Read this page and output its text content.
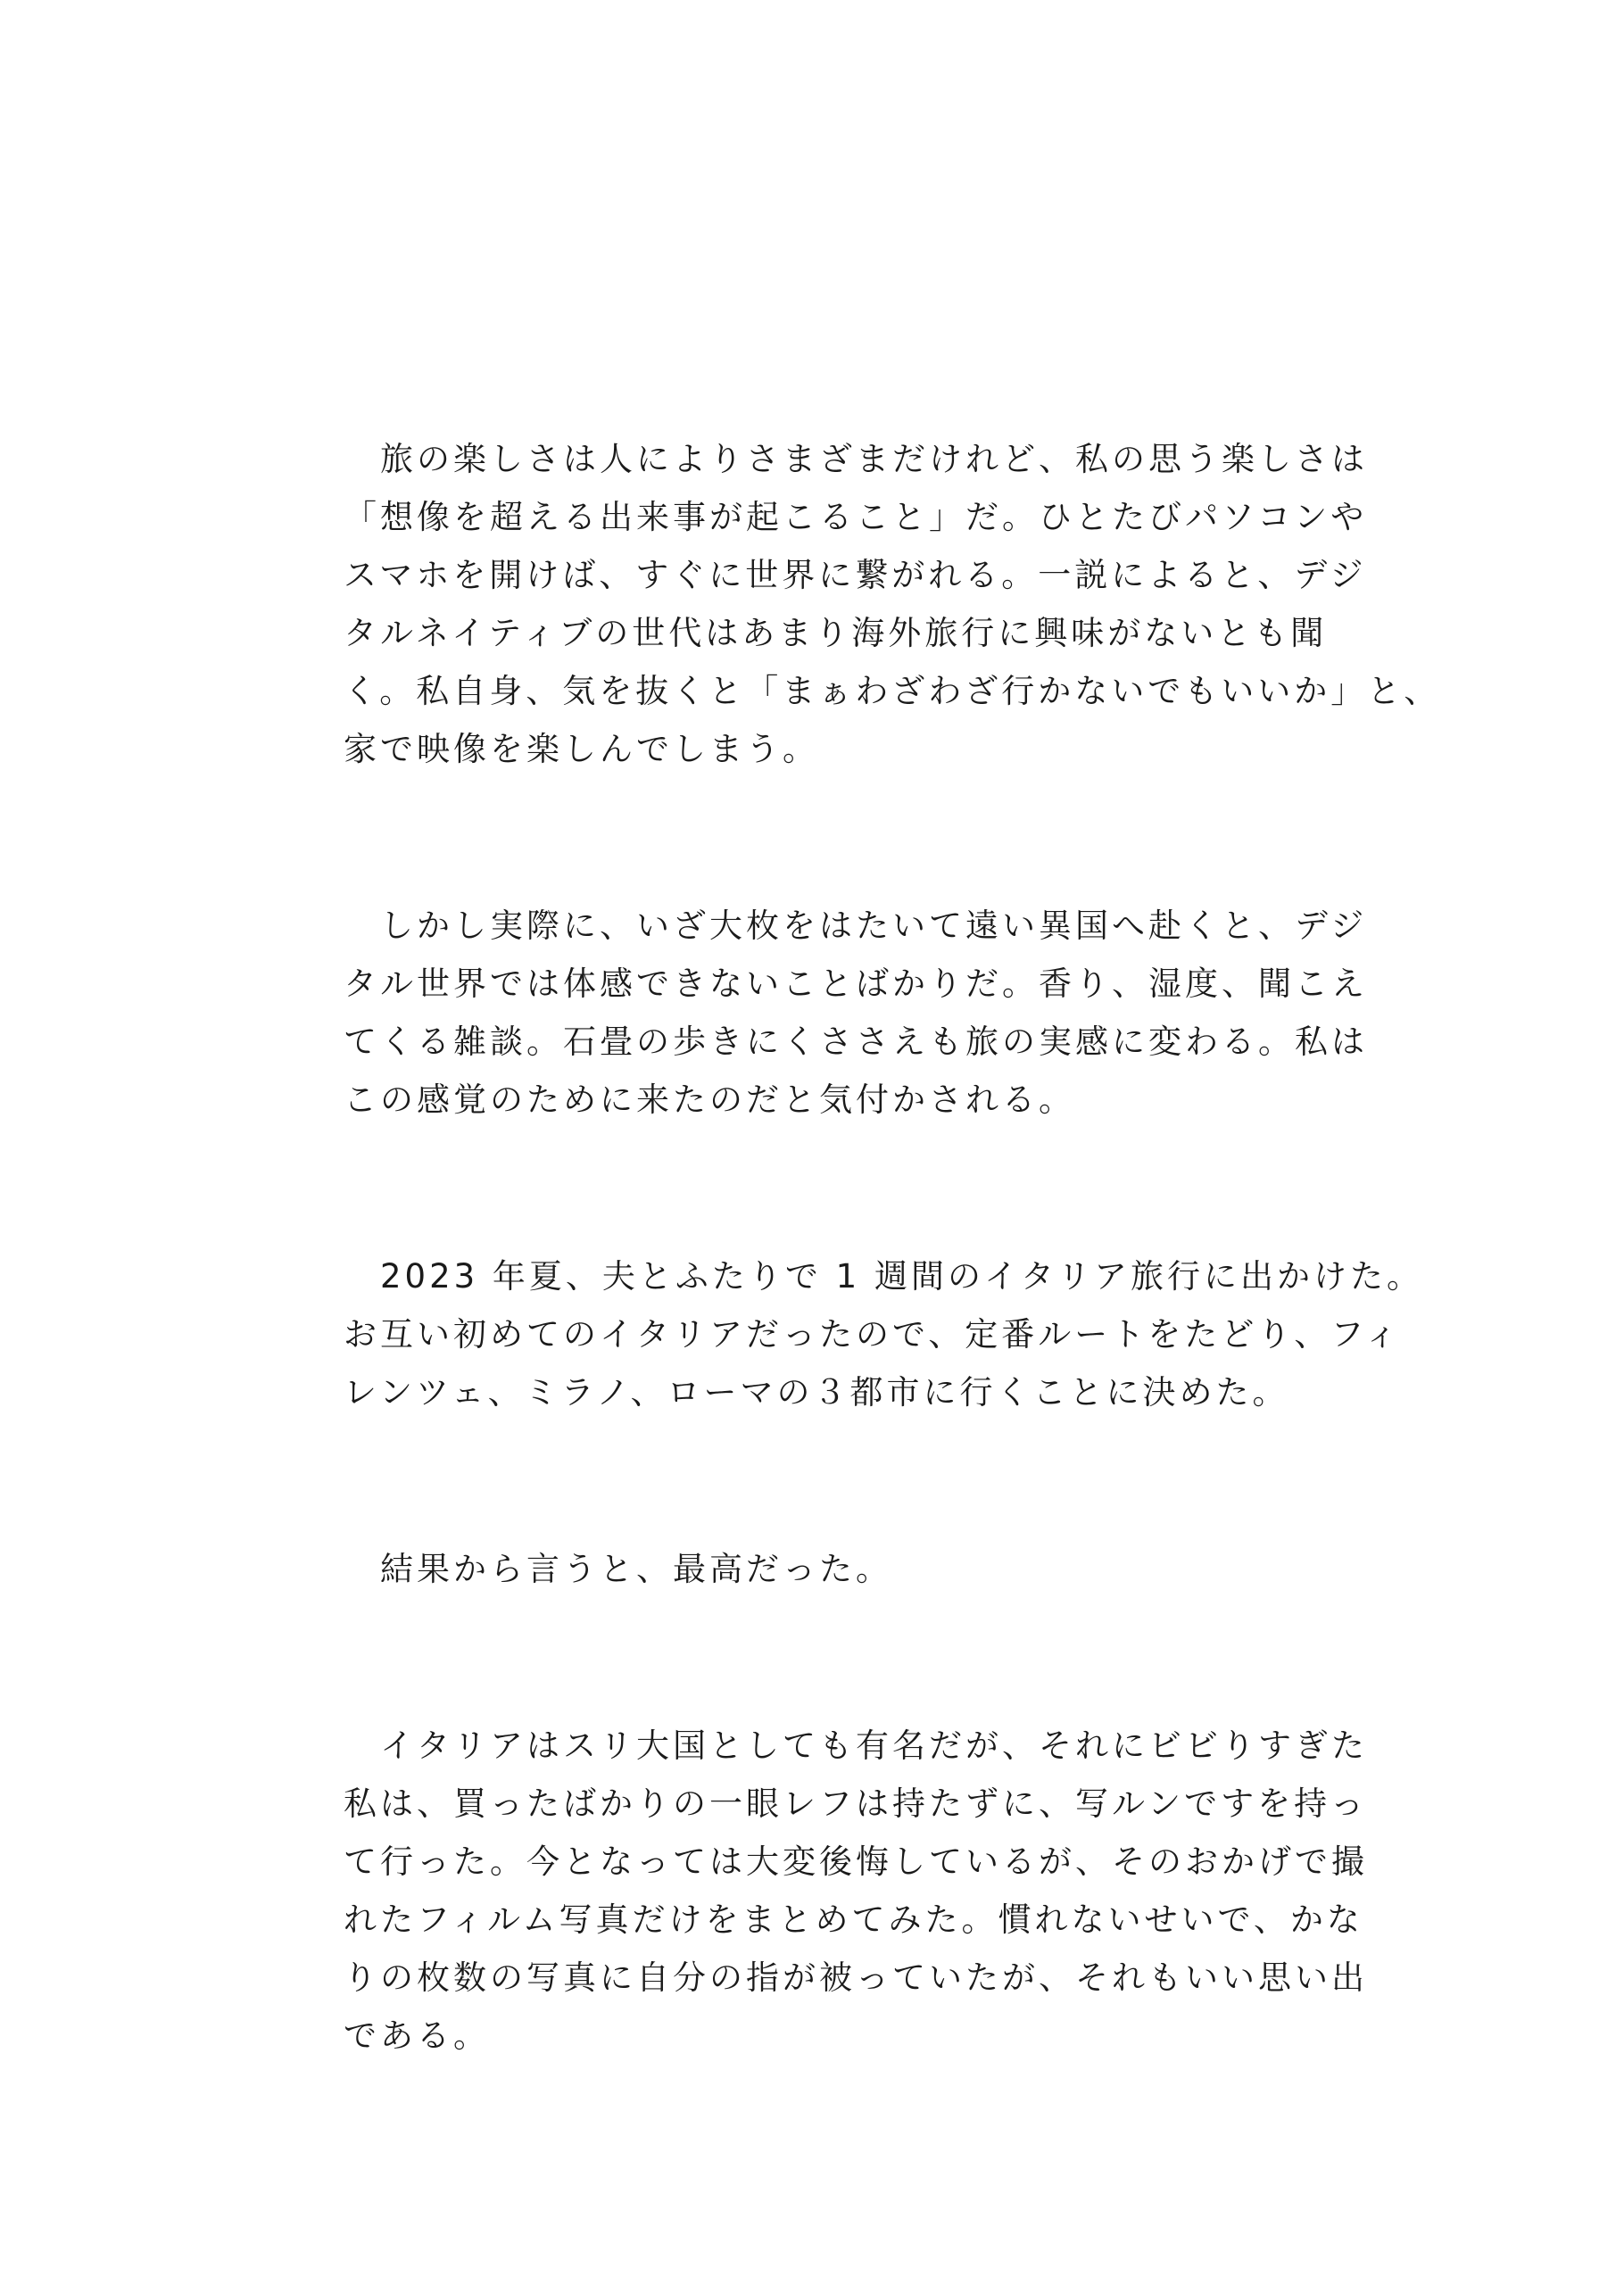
　旅の楽しさは人によりさまざまだけれど、私の思う楽しさは
「想像を超える出来事が起こること」だ。ひとたびパソコンや
スマホを開けば、すぐに世界に繋がれる。一説によると、デジ
タルネイティブの世代はあまり海外旅行に興味がないとも聞
く。私自身、気を抜くと「まぁわざわざ行かないでもいいか」と、
家で映像を楽しんでしまう。
　しかし実際に、いざ大枚をはたいて遠い異国へ赴くと、デジ
タル世界では体感できないことばかりだ。香り、湿度、聞こえ
てくる雑談。石畳の歩きにくささえも旅の実感に変わる。私は
この感覚のために来たのだと気付かされる。
　2023 年夏、夫とふたりで 1 週間のイタリア旅行に出かけた。
お互い初めてのイタリアだったので、定番ルートをたどり、フィ
レンツェ、ミラノ、ローマの３都市に行くことに決めた。
　結果から言うと、最高だった。
　イタリアはスリ大国としても有名だが、それにビビりすぎた
私は、買ったばかりの一眼レフは持たずに、写ルンですを持っ
て行った。今となっては大変後悔しているが、そのおかげで撮
れたフィルム写真だけをまとめてみた。慣れないせいで、かな
りの枚数の写真に自分の指が被っていたが、それもいい思い出
である。
